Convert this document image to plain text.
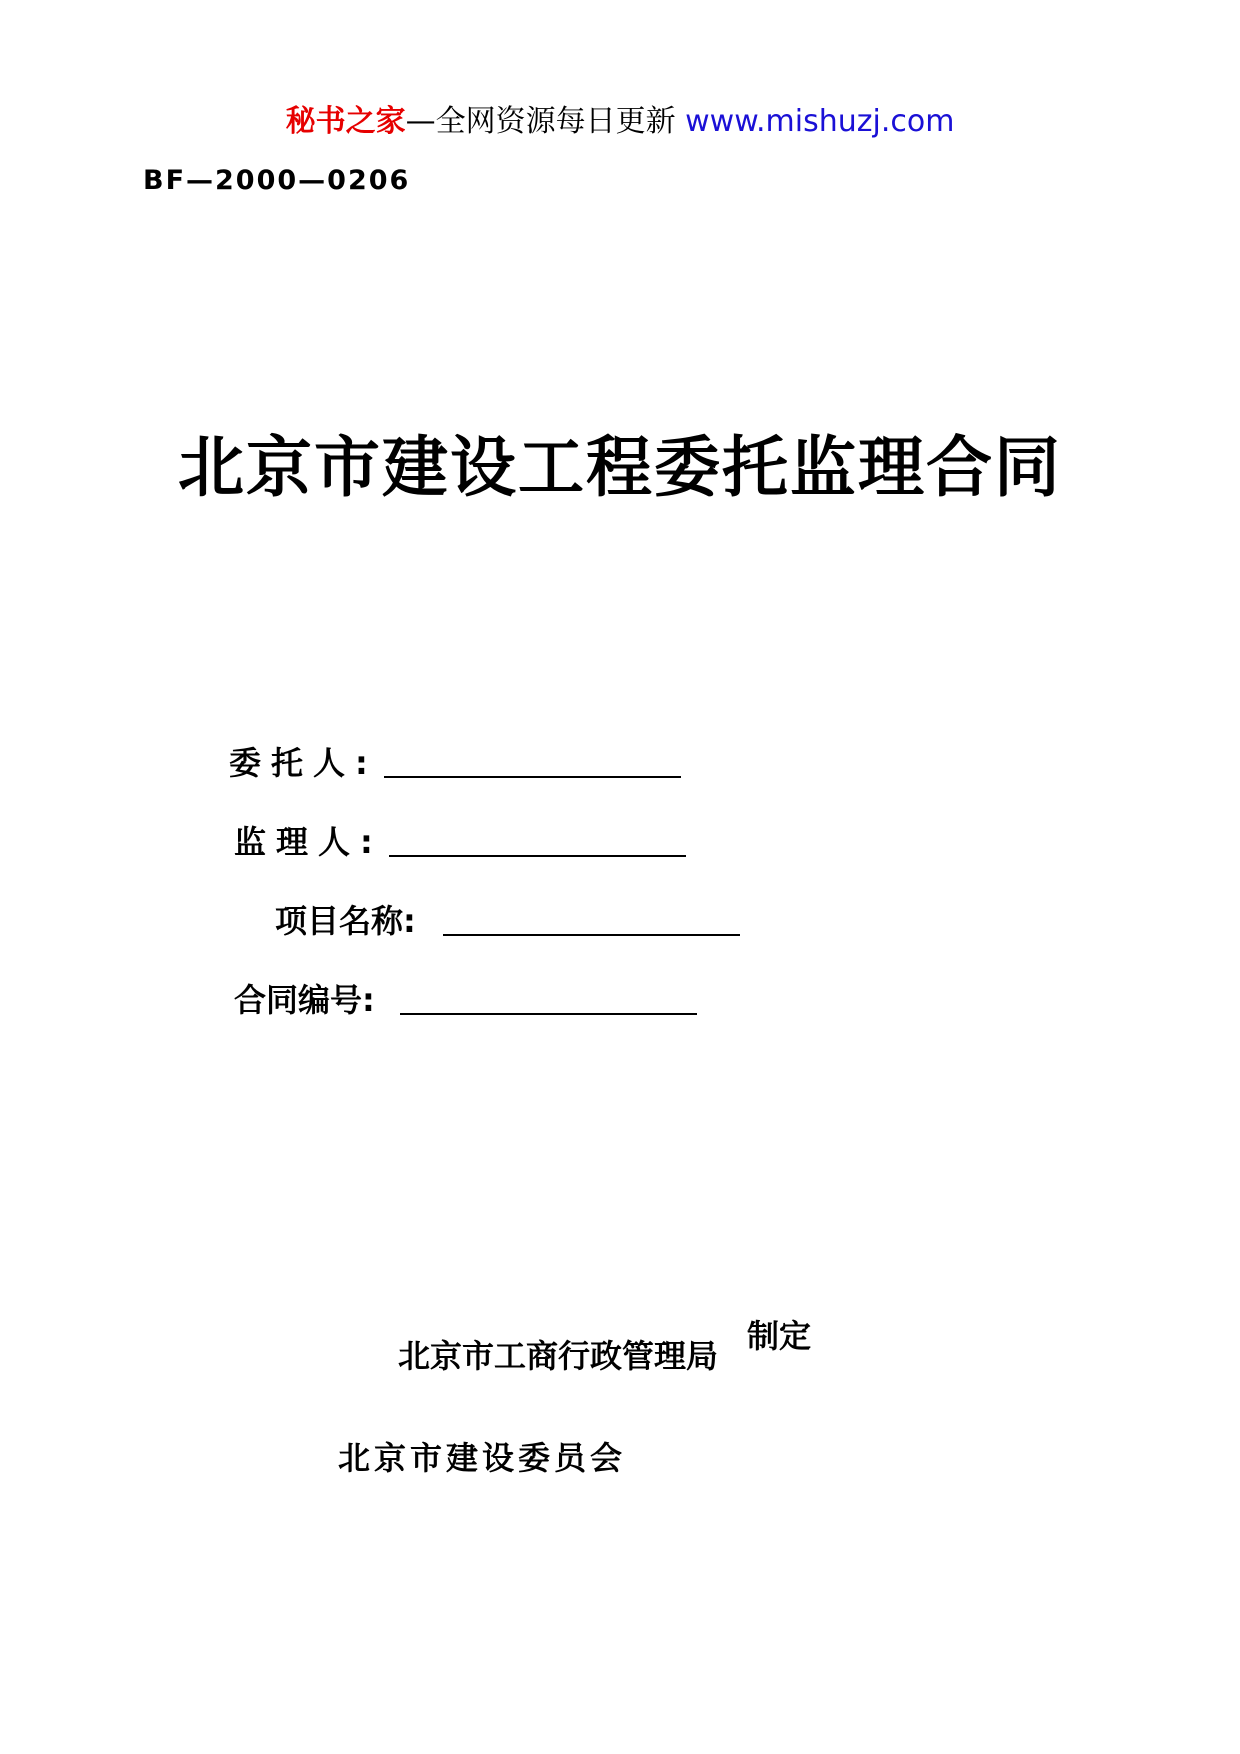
秘书之家—全网资源每日更新 www.mishuzj.com
BF—2000—0206
北京市建设工程委托监理合同
委托人:
监理人:
项目名称:
合同编号:
北京市工商行政管理局
制定
北京市建设委员会
